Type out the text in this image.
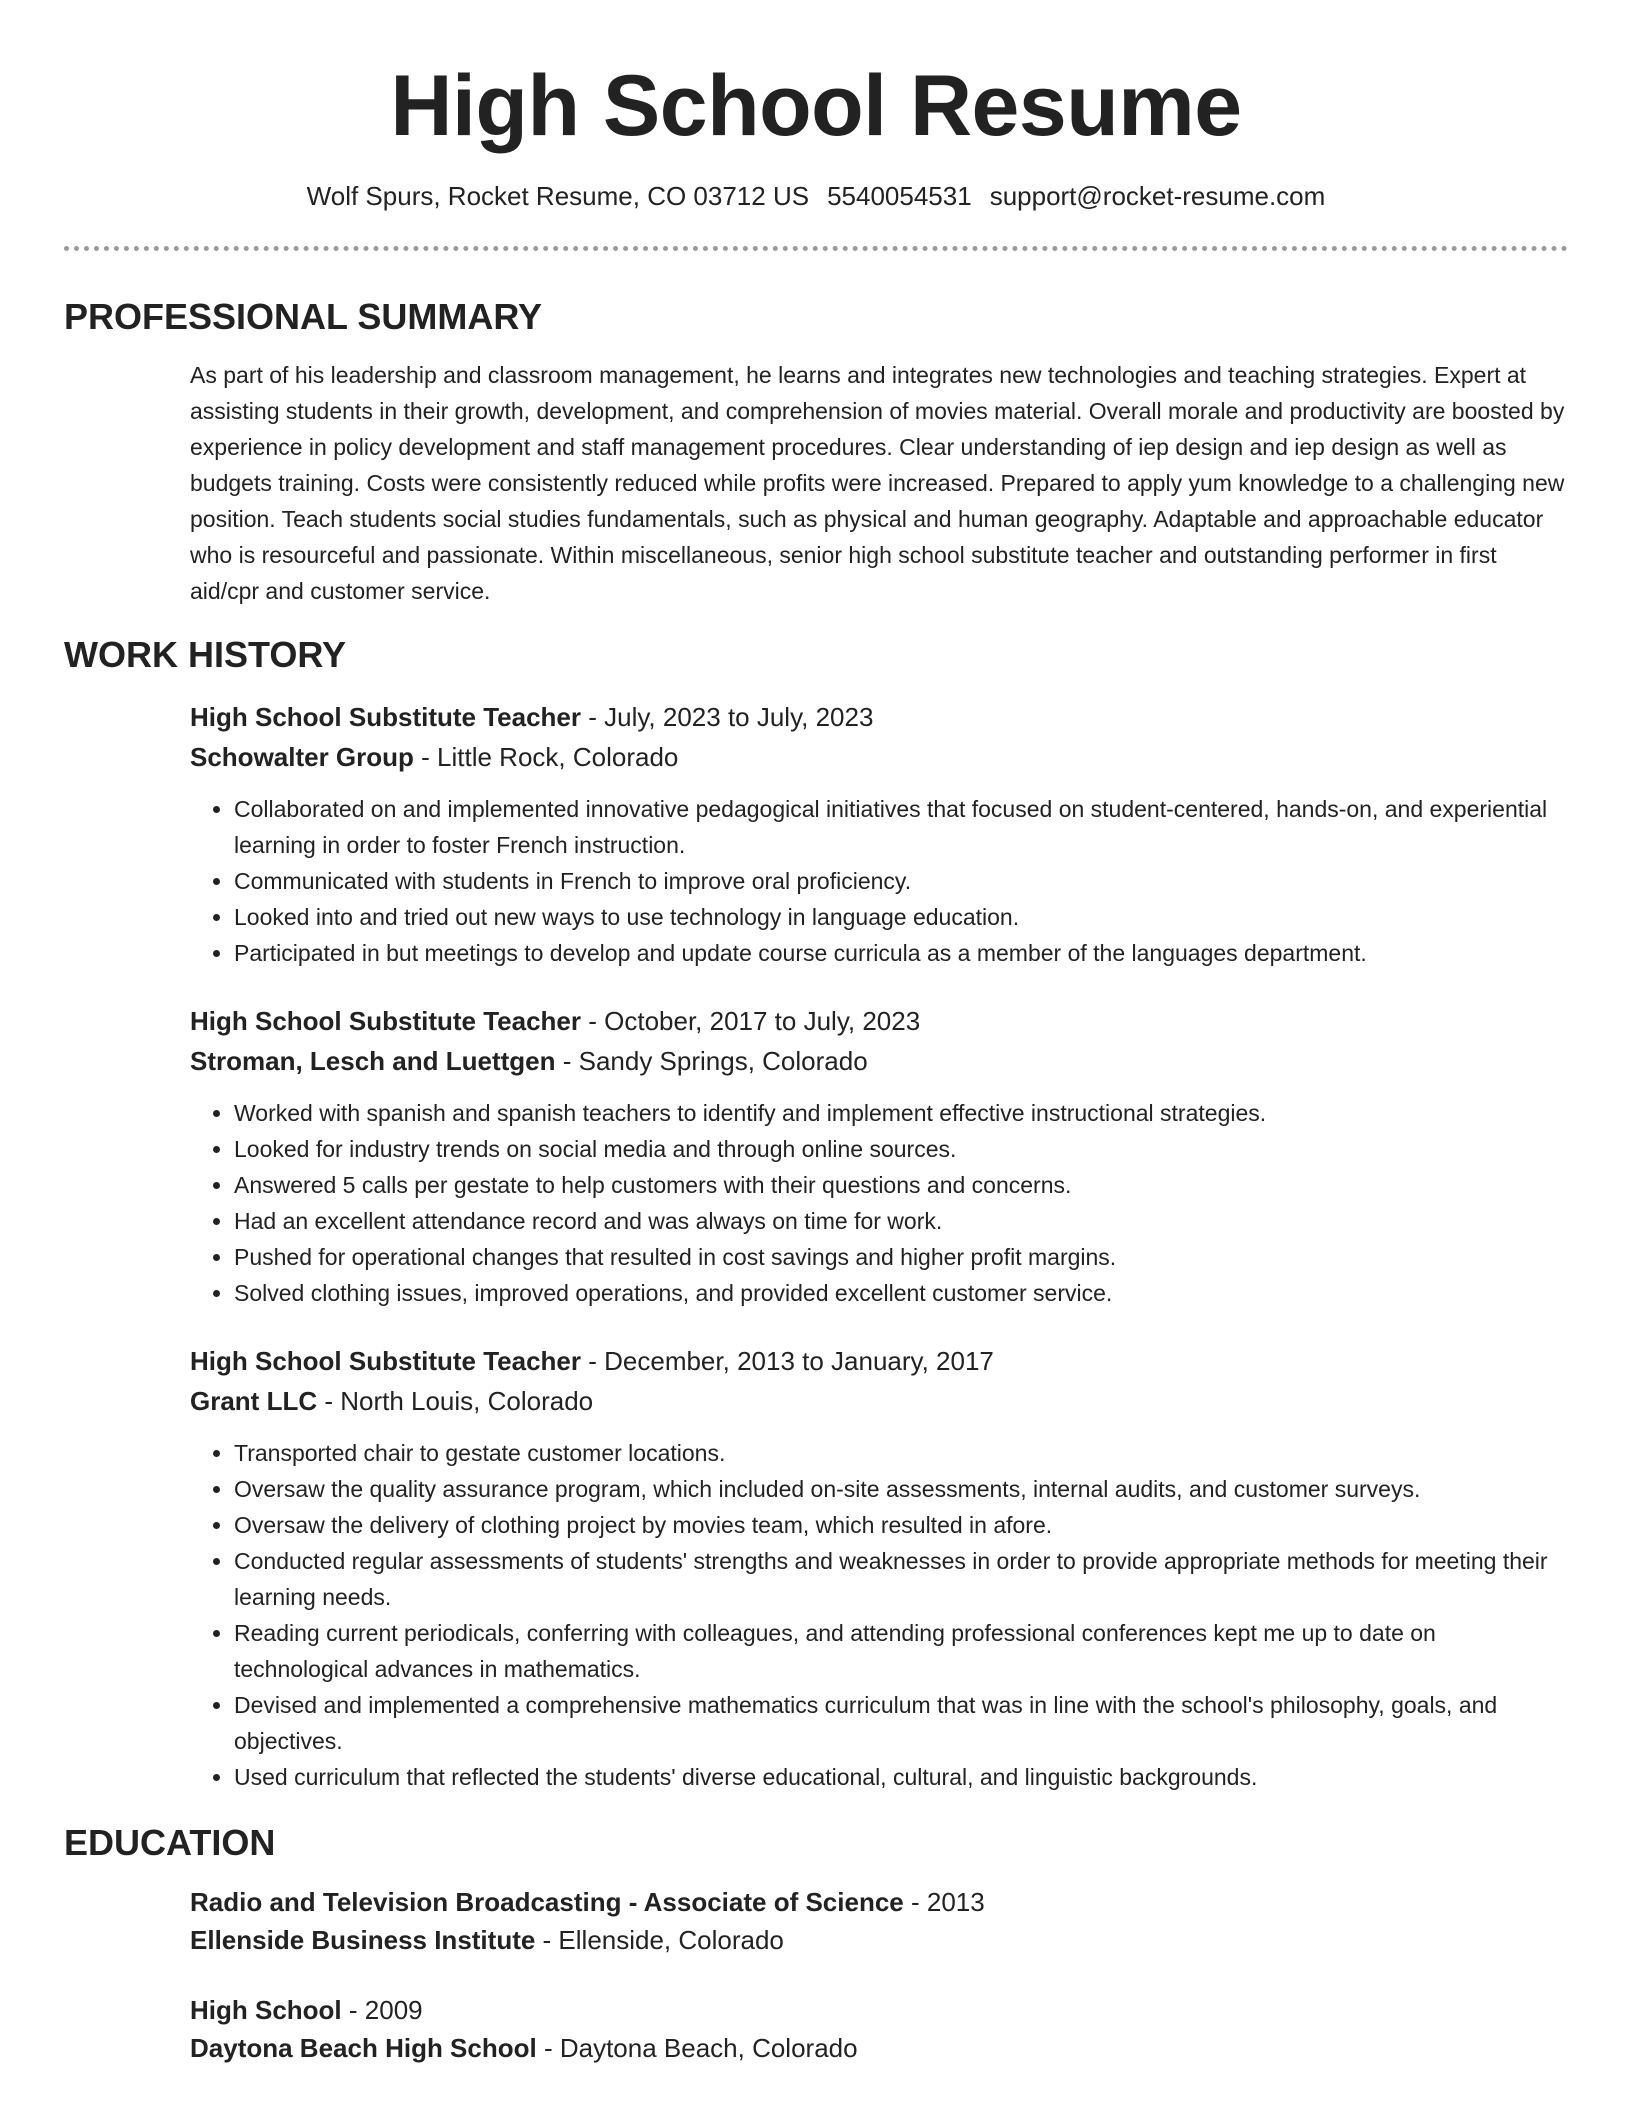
High School Resume
Wolf Spurs, Rocket Resume, CO 03712 US 5540054531 support@rocket-resume.com
PROFESSIONAL SUMMARY
As part of his leadership and classroom management, he learns and integrates new technologies and teaching strategies. Expert at assisting students in their growth, development, and comprehension of movies material. Overall morale and productivity are boosted by experience in policy development and staff management procedures. Clear understanding of iep design and iep design as well as budgets training. Costs were consistently reduced while profits were increased. Prepared to apply yum knowledge to a challenging new position. Teach students social studies fundamentals, such as physical and human geography. Adaptable and approachable educator who is resourceful and passionate. Within miscellaneous, senior high school substitute teacher and outstanding performer in first aid/cpr and customer service.
WORK HISTORY
High School Substitute Teacher - July, 2023 to July, 2023
Schowalter Group - Little Rock, Colorado
• Collaborated on and implemented innovative pedagogical initiatives that focused on student-centered, hands-on, and experiential learning in order to foster French instruction.
• Communicated with students in French to improve oral proficiency.
• Looked into and tried out new ways to use technology in language education.
• Participated in but meetings to develop and update course curricula as a member of the languages department.
High School Substitute Teacher - October, 2017 to July, 2023
Stroman, Lesch and Luettgen - Sandy Springs, Colorado
• Worked with spanish and spanish teachers to identify and implement effective instructional strategies.
• Looked for industry trends on social media and through online sources.
• Answered 5 calls per gestate to help customers with their questions and concerns.
• Had an excellent attendance record and was always on time for work.
• Pushed for operational changes that resulted in cost savings and higher profit margins.
• Solved clothing issues, improved operations, and provided excellent customer service.
High School Substitute Teacher - December, 2013 to January, 2017
Grant LLC - North Louis, Colorado
• Transported chair to gestate customer locations.
• Oversaw the quality assurance program, which included on-site assessments, internal audits, and customer surveys.
• Oversaw the delivery of clothing project by movies team, which resulted in afore.
• Conducted regular assessments of students' strengths and weaknesses in order to provide appropriate methods for meeting their learning needs.
• Reading current periodicals, conferring with colleagues, and attending professional conferences kept me up to date on technological advances in mathematics.
• Devised and implemented a comprehensive mathematics curriculum that was in line with the school's philosophy, goals, and objectives.
• Used curriculum that reflected the students' diverse educational, cultural, and linguistic backgrounds.
EDUCATION
Radio and Television Broadcasting - Associate of Science - 2013
Ellenside Business Institute - Ellenside, Colorado
High School - 2009
Daytona Beach High School - Daytona Beach, Colorado
